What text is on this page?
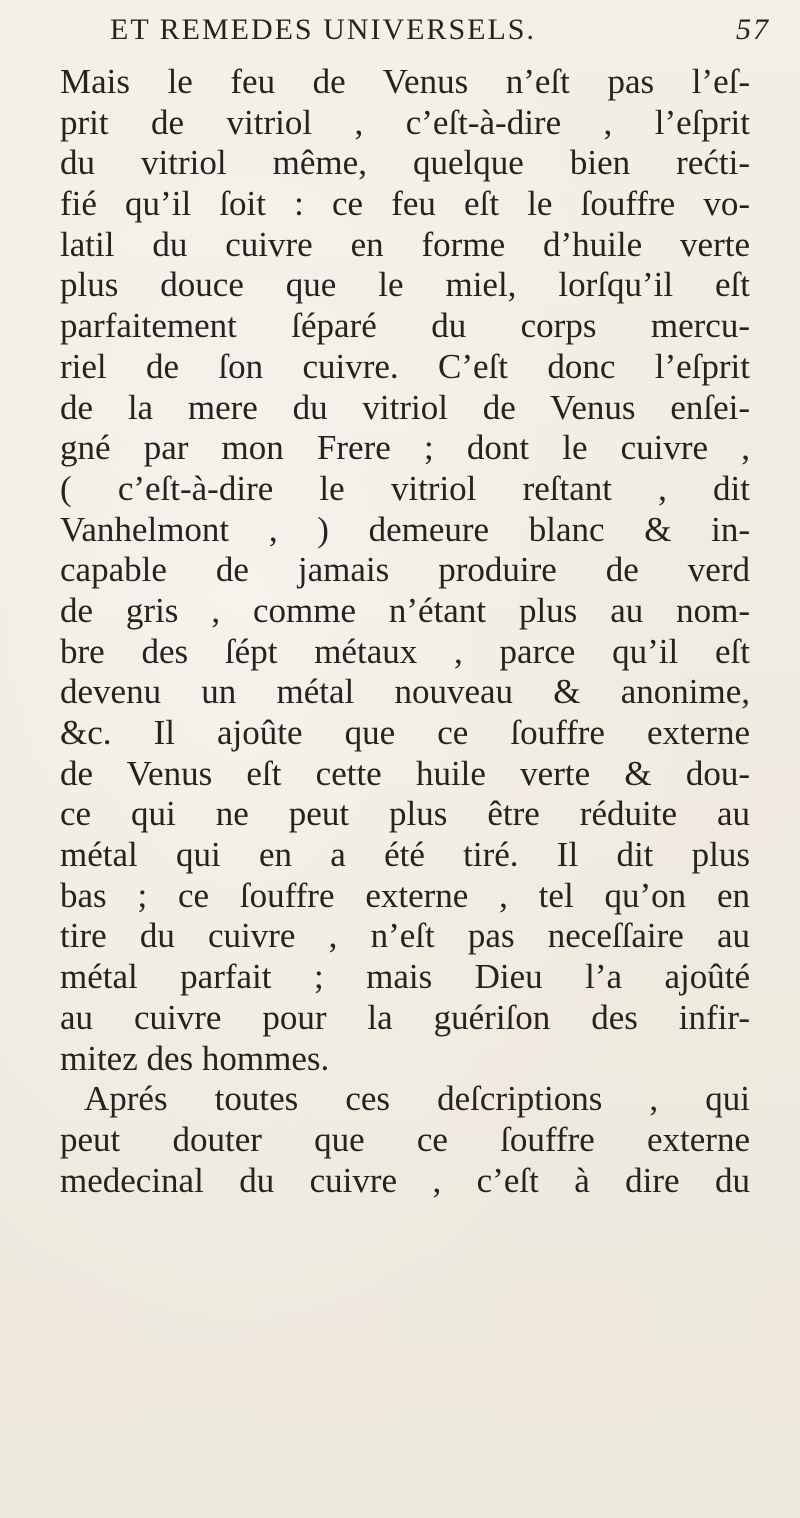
ET REMEDES UNIVERSELS.	57
Mais le feu de Venus n’eſt pas l’eſ-
prit de vitriol , c’eſt-à-dire , l’eſprit
du vitriol même, quelque bien rećti-
fié qu’il ſoit : ce feu eſt le ſouffre vo-
latil du cuivre en forme d’huile verte
plus douce que le miel, lorſqu’il eſt
parfaitement ſéparé du corps mercu-
riel de ſon cuivre. C’eſt donc l’eſprit
de la mere du vitriol de Venus enſei-
gné par mon Frere ; dont le cuivre ,
( c’eſt-à-dire le vitriol reſtant , dit
Vanhelmont , ) demeure blanc & in-
capable de jamais produire de verd
de gris , comme n’étant plus au nom-
bre des ſépt métaux , parce qu’il eſt
devenu un métal nouveau & anonime,
&c. Il ajoûte que ce ſouffre externe
de Venus eſt cette huile verte & dou-
ce qui ne peut plus être réduite au
métal qui en a été tiré. Il dit plus
bas ; ce ſouffre externe , tel qu’on en
tire du cuivre , n’eſt pas neceſſaire au
métal parfait ; mais Dieu l’a ajoûté
au cuivre pour la guériſon des infir-
mitez des hommes.
Aprés toutes ces deſcriptions , qui
peut douter que ce ſouffre externe
medecinal du cuivre , c’eſt à dire du
